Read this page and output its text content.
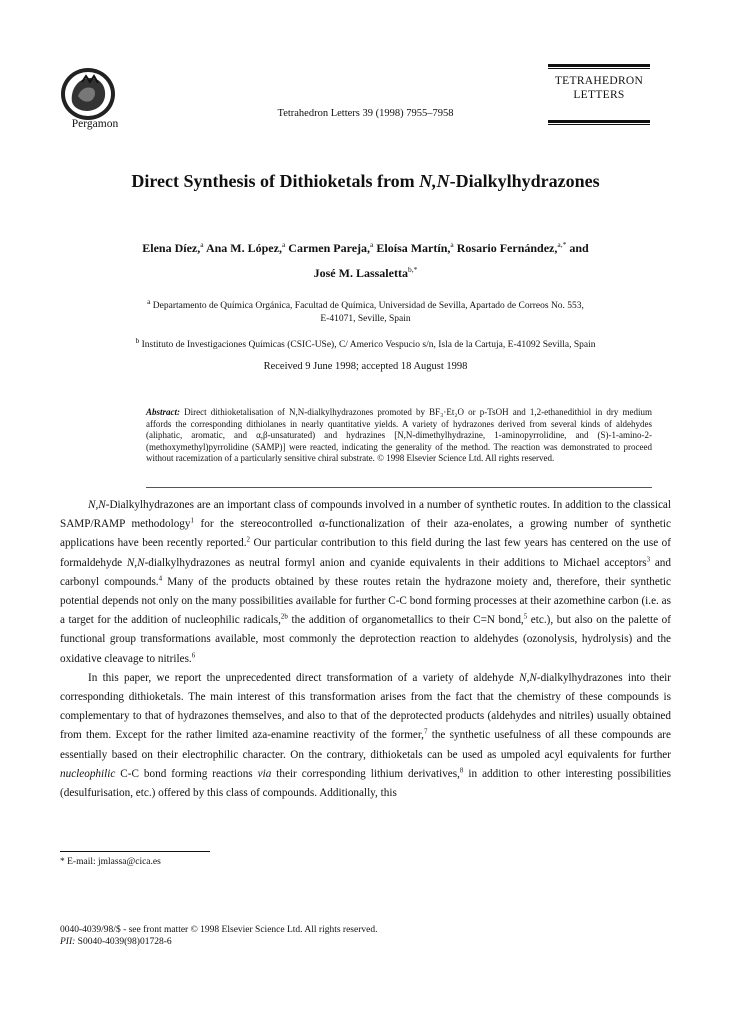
Pergamon
Tetrahedron Letters 39 (1998) 7955–7958
TETRAHEDRON
LETTERS
Direct Synthesis of Dithioketals from N,N-Dialkylhydrazones
Elena Díez,$^a$ Ana M. López,$^a$ Carmen Pareja,$^a$ Eloísa Martín,$^a$ Rosario Fernández,$^{a,*}$ and
José M. Lassaletta$^{b,*}$
$^a$ Departamento de Química Orgánica, Facultad de Química, Universidad de Sevilla, Apartado de Correos No. 553,
E-41071, Seville, Spain
$^b$ Instituto de Investigaciones Químicas (CSIC-USe), C/ Americo Vespucio s/n, Isla de la Cartuja, E-41092 Sevilla, Spain
Received 9 June 1998; accepted 18 August 1998
Abstract: Direct dithioketalisation of N,N-dialkylhydrazones promoted by BF₃·Et₂O or p-TsOH and 1,2-ethanedithiol in dry medium affords the corresponding dithiolanes in nearly quantitative yields. A variety of hydrazones derived from several kinds of aldehydes (aliphatic, aromatic, and α,β-unsaturated) and hydrazines [N,N-dimethylhydrazine, 1-aminopyrrolidine, and (S)-1-amino-2-(methoxymethyl)pyrrolidine (SAMP)] were reacted, indicating the generality of the method. The reaction was demonstrated to proceed without racemization of a particularly sensitive chiral substrate. © 1998 Elsevier Science Ltd. All rights reserved.

N,N-Dialkylhydrazones are an important class of compounds involved in a number of synthetic routes. In addition to the classical SAMP/RAMP methodology$^1$ for the stereocontrolled α-functionalization of their aza-enolates, a growing number of synthetic applications have been recently reported.$^2$ Our particular contribution to this field during the last few years has centered on the use of formaldehyde N,N-dialkylhydrazones as neutral formyl anion and cyanide equivalents in their additions to Michael acceptors$^3$ and carbonyl compounds.$^4$ Many of the products obtained by these routes retain the hydrazone moiety and, therefore, their synthetic potential depends not only on the many possibilities available for further C-C bond forming processes at their azomethine carbon (i.e. as a target for the addition of nucleophilic radicals,$^{2b}$ the addition of organometallics to their C=N bond,$^5$ etc.), but also on the palette of functional group transformations available, most commonly the deprotection reaction to aldehydes (ozonolysis, hydrolysis) and the oxidative cleavage to nitriles.$^6$

In this paper, we report the unprecedented direct transformation of a variety of aldehyde N,N-dialkylhydrazones into their corresponding dithioketals. The main interest of this transformation arises from the fact that the chemistry of these compounds is complementary to that of hydrazones themselves, and also to that of the deprotected products (aldehydes and nitriles) usually obtained from them. Except for the rather limited aza-enamine reactivity of the former,$^7$ the synthetic usefulness of all these compounds are essentially based on their electrophilic character. On the contrary, dithioketals can be used as umpoled acyl equivalents for further nucleophilic C-C bond forming reactions via their corresponding lithium derivatives,$^8$ in addition to other interesting possibilities (desulfurisation, etc.) offered by this class of compounds. Additionally, this

* E-mail: jmlassa@cica.es
0040-4039/98/$ - see front matter © 1998 Elsevier Science Ltd. All rights reserved.
PII: S0040-4039(98)01728-6
